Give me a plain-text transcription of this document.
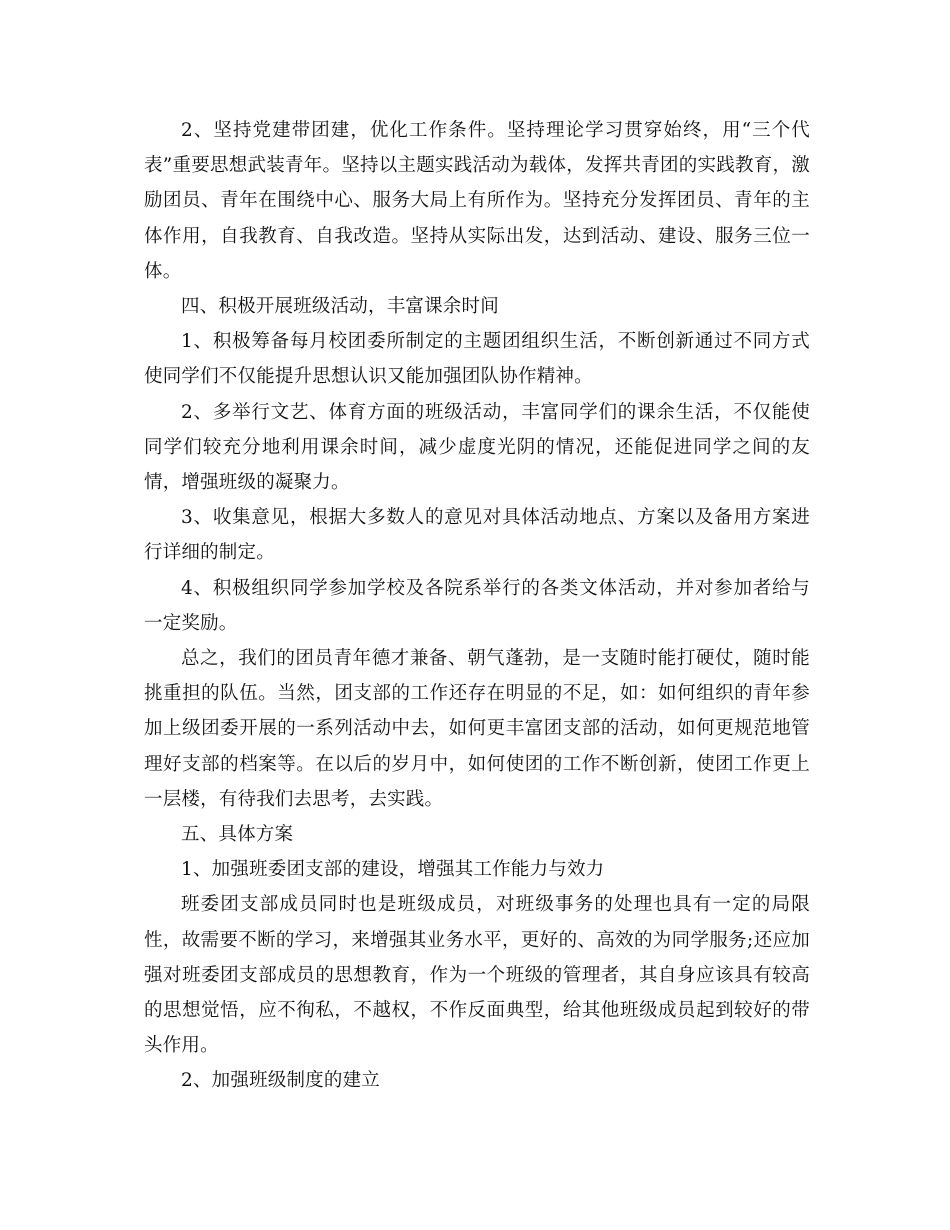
2、坚持党建带团建，优化工作条件。坚持理论学习贯穿始终，用“三个代表”重要思想武装青年。坚持以主题实践活动为载体，发挥共青团的实践教育，激励团员、青年在围绕中心、服务大局上有所作为。坚持充分发挥团员、青年的主体作用，自我教育、自我改造。坚持从实际出发，达到活动、建设、服务三位一体。

四、积极开展班级活动，丰富课余时间

1、积极筹备每月校团委所制定的主题团组织生活，不断创新通过不同方式使同学们不仅能提升思想认识又能加强团队协作精神。

2、多举行文艺、体育方面的班级活动，丰富同学们的课余生活，不仅能使同学们较充分地利用课余时间，减少虚度光阴的情况，还能促进同学之间的友情，增强班级的凝聚力。

3、收集意见，根据大多数人的意见对具体活动地点、方案以及备用方案进行详细的制定。

4、积极组织同学参加学校及各院系举行的各类文体活动，并对参加者给与一定奖励。

总之，我们的团员青年德才兼备、朝气蓬勃，是一支随时能打硬仗，随时能挑重担的队伍。当然，团支部的工作还存在明显的不足，如：如何组织的青年参加上级团委开展的一系列活动中去，如何更丰富团支部的活动，如何更规范地管理好支部的档案等。在以后的岁月中，如何使团的工作不断创新，使团工作更上一层楼，有待我们去思考，去实践。

五、具体方案

1、加强班委团支部的建设，增强其工作能力与效力

班委团支部成员同时也是班级成员，对班级事务的处理也具有一定的局限性，故需要不断的学习，来增强其业务水平，更好的、高效的为同学服务;还应加强对班委团支部成员的思想教育，作为一个班级的管理者，其自身应该具有较高的思想觉悟，应不徇私，不越权，不作反面典型，给其他班级成员起到较好的带头作用。

2、加强班级制度的建立
